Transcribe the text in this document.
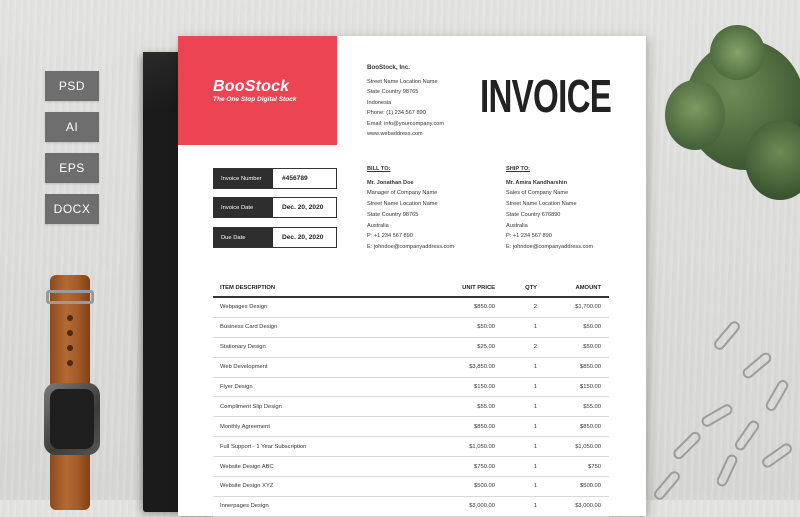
PSD
AI
EPS
DOCX
BooStock
The One Stop Digital Stock
BooStock, Inc.
Street Name Location Name
State Country 98765
Indonesia
Phone: (1) 234 567 890
Email: info@yourcompany.com
www.webaddress.com
INVOICE
Invoice Number	#456789
Invoice Date	Dec. 20, 2020
Due Date	Dec. 20, 2020
BILL TO:
Mr. Jonathan Doe
Manager of Company Name
Street Name Location Name
State Country 98765
Australia
P: +1 234 567 890
E: johndoe@companyaddress.com
SHIP TO:
Mr. Amira Kandharshin
Sales of Company Name
Street Name Location Name
State Country 676890
Australia
P: +1 234 567 890
E: johndoe@companyaddress.com
ITEM DESCRIPTION	UNIT PRICE	QTY	AMOUNT
Webpages Design	$850.00	2	$1,700.00
Business Card Design	$50.00	1	$50.00
Stationary Design	$25.00	2	$50.00
Web Development	$3,850.00	1	$850.00
Flyer Design	$150.00	1	$150.00
Compliment Slip Design	$55.00	1	$55.00
Monthly Agreement	$850.00	1	$850.00
Full Support - 1 Year Subscription	$1,050.00	1	$1,050.00
Website Design ABC	$750.00	1	$750
Website Design XYZ	$500.00	1	$500.00
Innerpages Design	$3,000.00	1	$3,000.00
